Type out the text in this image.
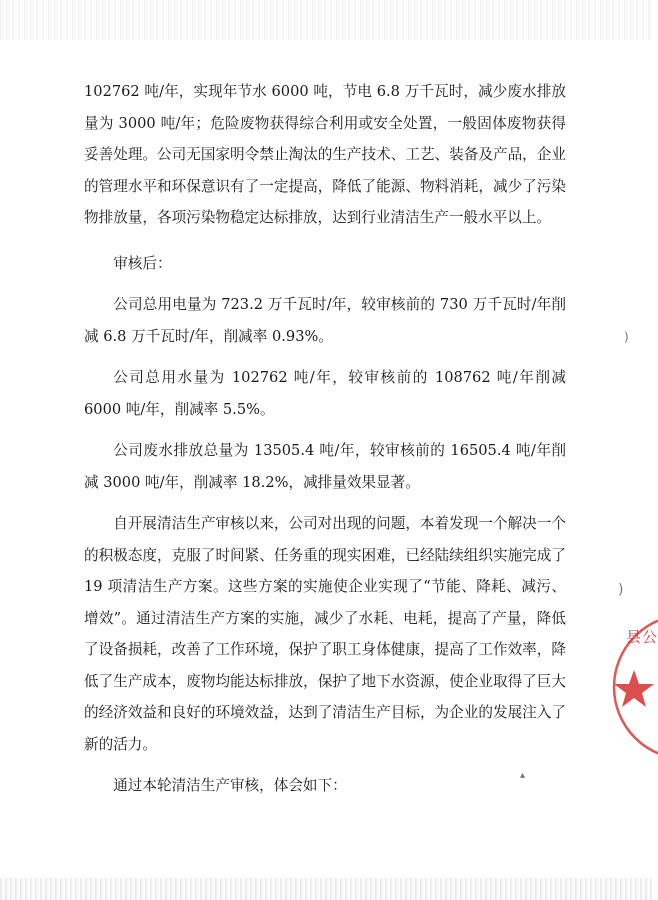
102762 吨/年，实现年节水 6000 吨，节电 6.8 万千瓦时，减少废水排放量为 3000 吨/年；危险废物获得综合利用或安全处置，一般固体废物获得妥善处理。公司无国家明令禁止淘汰的生产技术、工艺、装备及产品，企业的管理水平和环保意识有了一定提高，降低了能源、物料消耗，减少了污染物排放量，各项污染物稳定达标排放，达到行业清洁生产一般水平以上。

审核后：

公司总用电量为 723.2 万千瓦时/年，较审核前的 730 万千瓦时/年削减 6.8 万千瓦时/年，削减率 0.93%。

公司总用水量为 102762 吨/年，较审核前的 108762 吨/年削减 6000 吨/年，削减率 5.5%。

公司废水排放总量为 13505.4 吨/年，较审核前的 16505.4 吨/年削减 3000 吨/年，削减率 18.2%，减排量效果显著。

自开展清洁生产审核以来，公司对出现的问题，本着发现一个解决一个的积极态度，克服了时间紧、任务重的现实困难，已经陆续组织实施完成了 19 项清洁生产方案。这些方案的实施使企业实现了“节能、降耗、减污、增效”。通过清洁生产方案的实施，减少了水耗、电耗，提高了产量，降低了设备损耗，改善了工作环境，保护了职工身体健康，提高了工作效率，降低了生产成本，废物均能达标排放，保护了地下水资源，使企业取得了巨大的经济效益和良好的环境效益，达到了清洁生产目标，为企业的发展注入了新的活力。

通过本轮清洁生产审核，体会如下：

县公
)
)
▴
